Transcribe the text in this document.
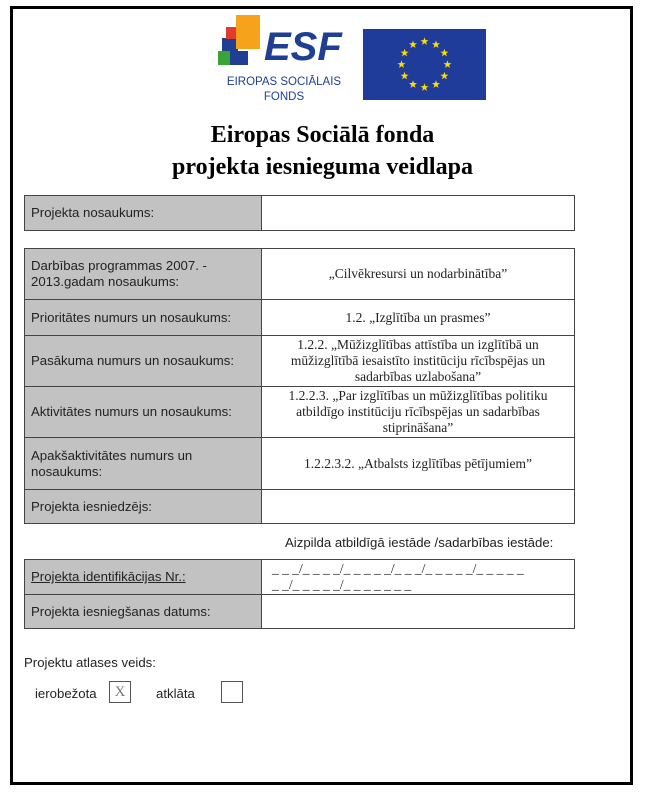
ESF
EIROPAS SOCIĀLAIS
FONDS
Eiropas Sociālā fonda
projekta iesnieguma veidlapa
Projekta nosaukums:	
Darbības programmas 2007. - 2013.gadam nosaukums:	„Cilvēkresursi un nodarbinātība”
Prioritātes numurs un nosaukums:	1.2. „Izglītība un prasmes”
Pasākuma numurs un nosaukums:	1.2.2. „Mūžizglītības attīstība un izglītībā un mūžizglītībā iesaistīto institūciju rīcībspējas un sadarbības uzlabošana”
Aktivitātes numurs un nosaukums:	1.2.2.3. „Par izglītības un mūžizglītības politiku atbildīgo institūciju rīcībspējas un sadarbības stiprināšana”
Apakšaktivitātes numurs un nosaukums:	1.2.2.3.2. „Atbalsts izglītības pētījumiem”
Projekta iesniedzējs:	
Aizpilda atbildīgā iestāde /sadarbības iestāde:
Projekta identifikācijas Nr.:	_ _ _/_ _ _ _/_ _ _ _ _/_ _ _/_ _ _ _ _/_ _ _ _ _
_ _/_ _ _ _ _/_ _ _ _ _ _ _

Projekta iesniegšanas datums:	
Projektu atlases veids:
ierobežota	X	atklāta
